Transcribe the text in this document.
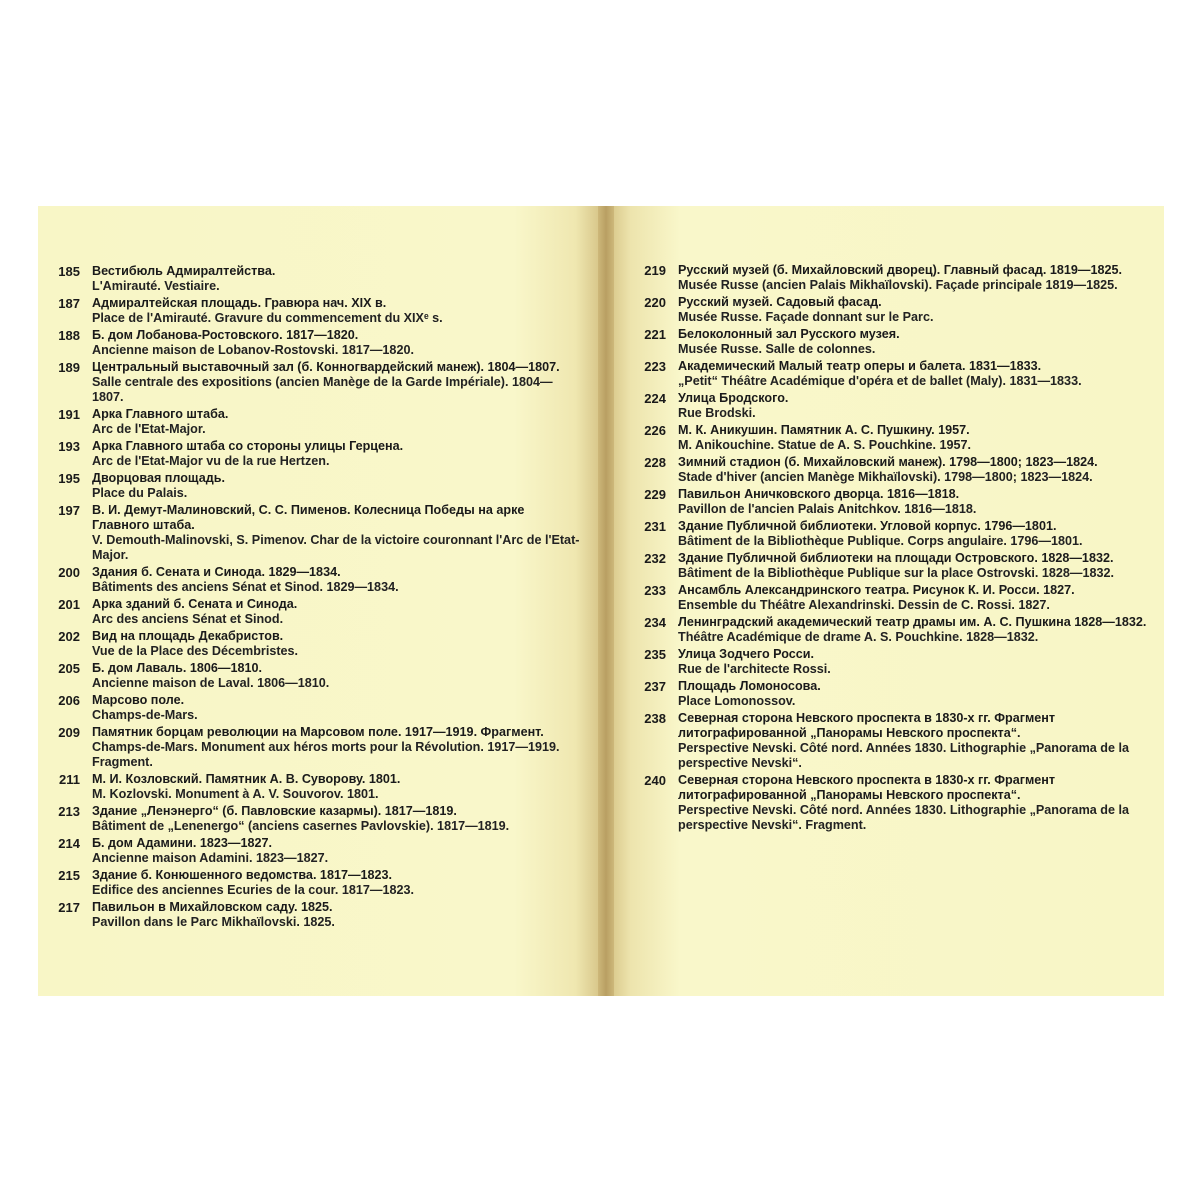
185 Вестибюль Адмиралтейства.
L'Amirauté. Vestiaire.
187 Адмиралтейская площадь. Гравюра нач. XIX в.
Place de l'Amirauté. Gravure du commencement du XIXᵉ s.
188 Б. дом Лобанова-Ростовского. 1817—1820.
Ancienne maison de Lobanov-Rostovski. 1817—1820.
189 Центральный выставочный зал (б. Конногвардейский манеж). 1804—1807.
Salle centrale des expositions (ancien Manège de la Garde Impériale). 1804—1807.
191 Арка Главного штаба.
Arc de l'Etat-Major.
193 Арка Главного штаба со стороны улицы Герцена.
Arc de l'Etat-Major vu de la rue Hertzen.
195 Дворцовая площадь.
Place du Palais.
197 В. И. Демут-Малиновский, С. С. Пименов. Колесница Победы на арке Главного штаба.
V. Demouth-Malinovski, S. Pimenov. Char de la victoire couronnant l'Arc de l'Etat-Major.
200 Здания б. Сената и Синода. 1829—1834.
Bâtiments des anciens Sénat et Sinod. 1829—1834.
201 Арка зданий б. Сената и Синода.
Arc des anciens Sénat et Sinod.
202 Вид на площадь Декабристов.
Vue de la Place des Décembristes.
205 Б. дом Лаваль. 1806—1810.
Ancienne maison de Laval. 1806—1810.
206 Марсово поле.
Champs-de-Mars.
209 Памятник борцам революции на Марсовом поле. 1917—1919. Фрагмент.
Champs-de-Mars. Monument aux héros morts pour la Révolution. 1917—1919. Fragment.
211 М. И. Козловский. Памятник А. В. Суворову. 1801.
M. Kozlovski. Monument à A. V. Souvorov. 1801.
213 Здание „Ленэнерго“ (б. Павловские казармы). 1817—1819.
Bâtiment de „Lenenergo“ (anciens casernes Pavlovskie). 1817—1819.
214 Б. дом Адамини. 1823—1827.
Ancienne maison Adamini. 1823—1827.
215 Здание б. Конюшенного ведомства. 1817—1823.
Edifice des anciennes Ecuries de la cour. 1817—1823.
217 Павильон в Михайловском саду. 1825.
Pavillon dans le Parc Mikhaïlovski. 1825.
219 Русский музей (б. Михайловский дворец). Главный фасад. 1819—1825.
Musée Russe (ancien Palais Mikhaïlovski). Façade principale 1819—1825.
220 Русский музей. Садовый фасад.
Musée Russe. Façade donnant sur le Parc.
221 Белоколонный зал Русского музея.
Musée Russe. Salle de colonnes.
223 Академический Малый театр оперы и балета. 1831—1833.
„Petit“ Théâtre Académique d'opéra et de ballet (Maly). 1831—1833.
224 Улица Бродского.
Rue Brodski.
226 М. К. Аникушин. Памятник А. С. Пушкину. 1957.
M. Anikouchine. Statue de A. S. Pouchkine. 1957.
228 Зимний стадион (б. Михайловский манеж). 1798—1800; 1823—1824.
Stade d'hiver (ancien Manège Mikhaïlovski). 1798—1800; 1823—1824.
229 Павильон Аничковского дворца. 1816—1818.
Pavillon de l'ancien Palais Anitchkov. 1816—1818.
231 Здание Публичной библиотеки. Угловой корпус. 1796—1801.
Bâtiment de la Bibliothèque Publique. Corps angulaire. 1796—1801.
232 Здание Публичной библиотеки на площади Островского. 1828—1832.
Bâtiment de la Bibliothèque Publique sur la place Ostrovski. 1828—1832.
233 Ансамбль Александринского театра. Рисунок К. И. Росси. 1827.
Ensemble du Théâtre Alexandrinski. Dessin de C. Rossi. 1827.
234 Ленинградский академический театр драмы им. А. С. Пушкина 1828—1832.
Théâtre Académique de drame A. S. Pouchkine. 1828—1832.
235 Улица Зодчего Росси.
Rue de l'architecte Rossi.
237 Площадь Ломоносова.
Place Lomonossov.
238 Северная сторона Невского проспекта в 1830-х гг. Фрагмент литографированной „Панорамы Невского проспекта“.
Perspective Nevski. Côté nord. Années 1830. Lithographie „Panorama de la perspective Nevski“.
240 Северная сторона Невского проспекта в 1830-х гг. Фрагмент литографированной „Панорамы Невского проспекта“.
Perspective Nevski. Côté nord. Années 1830. Lithographie „Panorama de la perspective Nevski“. Fragment.
